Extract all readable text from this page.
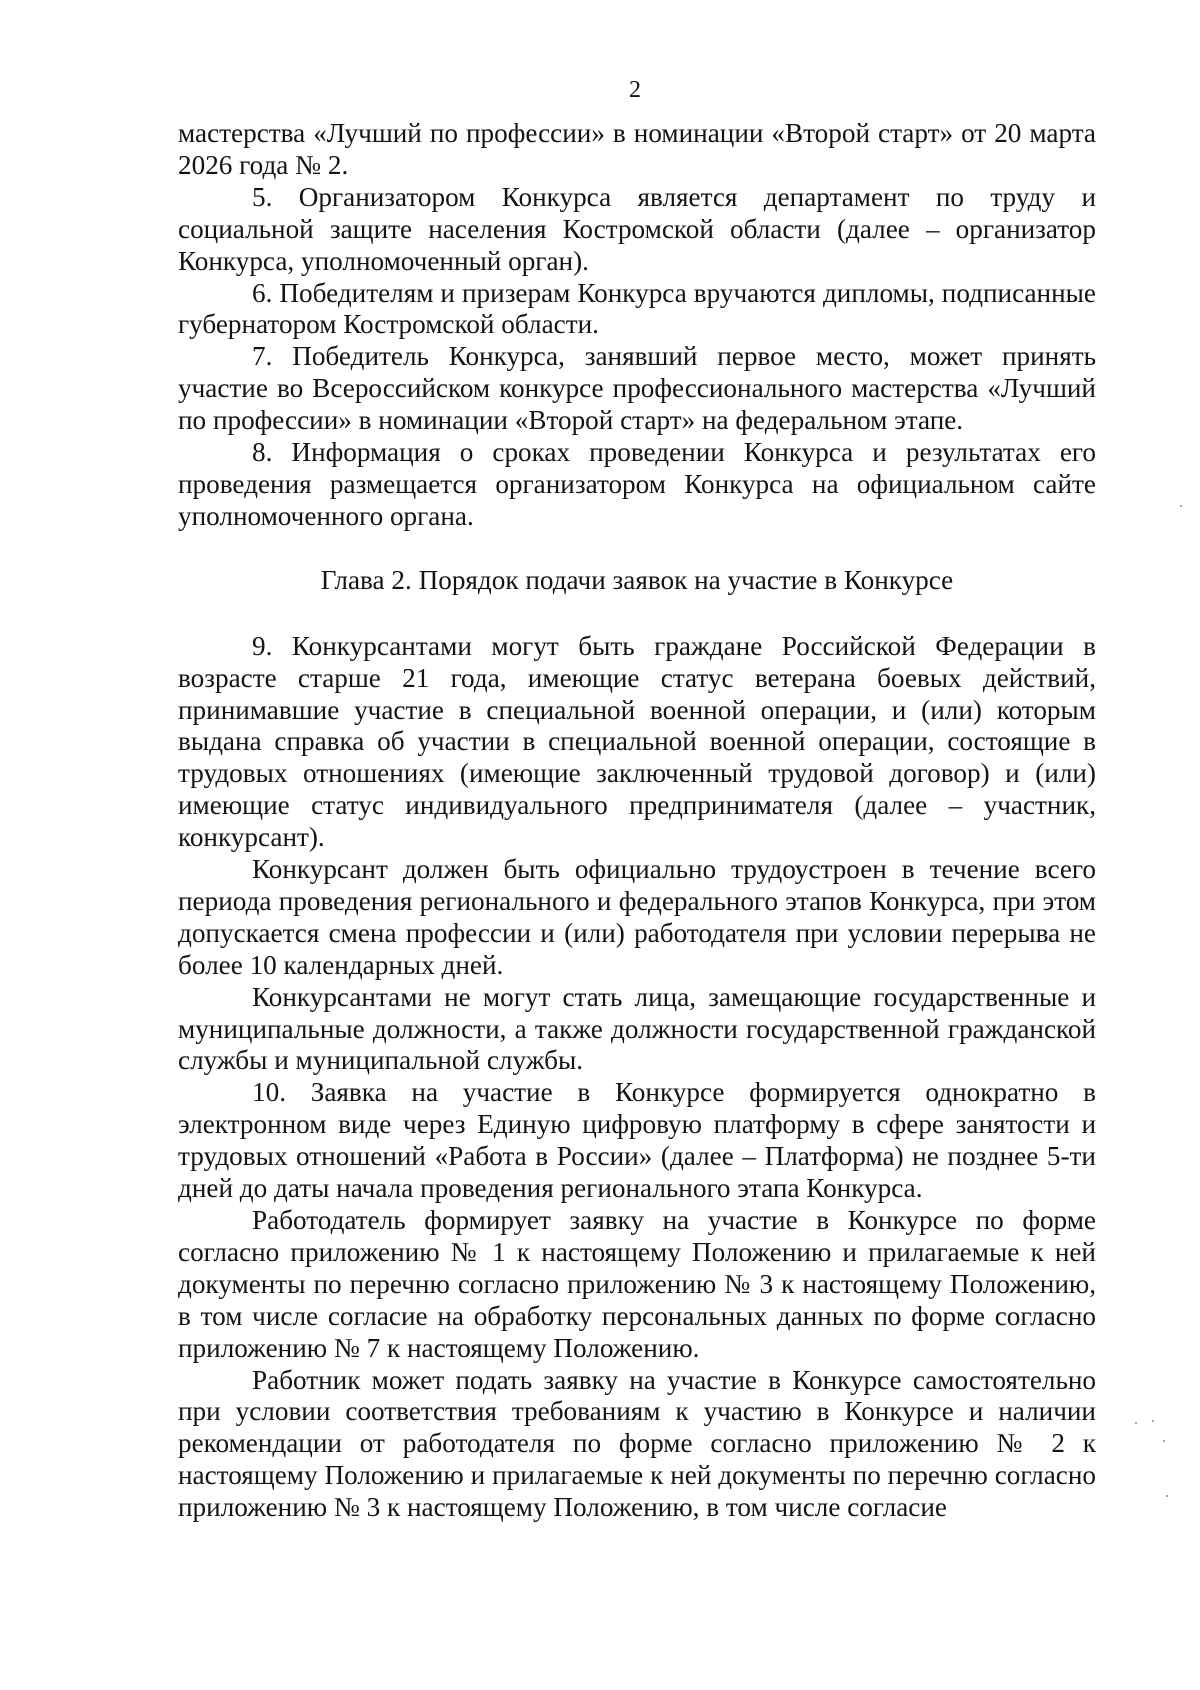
2

мастерства «Лучший по профессии» в номинации «Второй старт» от 20 марта 2026 года № 2.

5. Организатором Конкурса является департамент по труду и социальной защите населения Костромской области (далее – организатор Конкурса, уполномоченный орган).

6. Победителям и призерам Конкурса вручаются дипломы, подписанные губернатором Костромской области.

7. Победитель Конкурса, занявший первое место, может принять участие во Всероссийском конкурсе профессионального мастерства «Лучший по профессии» в номинации «Второй старт» на федеральном этапе.

8. Информация о сроках проведении Конкурса и результатах его проведения размещается организатором Конкурса на официальном сайте уполномоченного органа.

Глава 2. Порядок подачи заявок на участие в Конкурсе

9. Конкурсантами могут быть граждане Российской Федерации в возрасте старше 21 года, имеющие статус ветерана боевых действий, принимавшие участие в специальной военной операции, и (или) которым выдана справка об участии в специальной военной операции, состоящие в трудовых отношениях (имеющие заключенный трудовой договор) и (или) имеющие статус индивидуального предпринимателя (далее – участник, конкурсант).

Конкурсант должен быть официально трудоустроен в течение всего периода проведения регионального и федерального этапов Конкурса, при этом допускается смена профессии и (или) работодателя при условии перерыва не более 10 календарных дней.

Конкурсантами не могут стать лица, замещающие государственные и муниципальные должности, а также должности государственной гражданской службы и муниципальной службы.

10. Заявка на участие в Конкурсе формируется однократно в электронном виде через Единую цифровую платформу в сфере занятости и трудовых отношений «Работа в России» (далее – Платформа) не позднее 5-ти дней до даты начала проведения регионального этапа Конкурса.

Работодатель формирует заявку на участие в Конкурсе по форме согласно приложению № 1 к настоящему Положению и прилагаемые к ней документы по перечню согласно приложению № 3 к настоящему Положению, в том числе согласие на обработку персональных данных по форме согласно приложению № 7 к настоящему Положению.

Работник может подать заявку на участие в Конкурсе самостоятельно при условии соответствия требованиям к участию в Конкурсе и наличии рекомендации от работодателя по форме согласно приложению № 2 к настоящему Положению и прилагаемые к ней документы по перечню согласно приложению № 3 к настоящему Положению, в том числе согласие
